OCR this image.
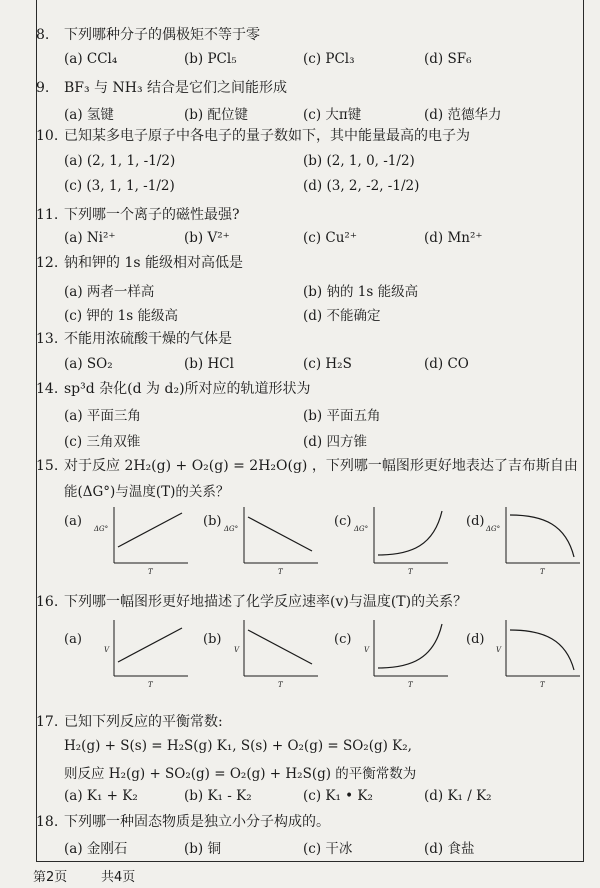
8. 下列哪种分子的偶极矩不等于零
(a) CCl₄	(b) PCl₅	(c) PCl₃	(d) SF₆
9. BF₃ 与 NH₃ 结合是它们之间能形成
(a) 氢键	(b) 配位键	(c) 大π键	(d) 范德华力
10. 已知某多电子原子中各电子的量子数如下，其中能量最高的电子为
(a) (2, 1, 1, -1/2)	(b) (2, 1, 0, -1/2)
(c) (3, 1, 1, -1/2)	(d) (3, 2, -2, -1/2)
11. 下列哪一个离子的磁性最强?
(a) Ni²⁺	(b) V²⁺	(c) Cu²⁺	(d) Mn²⁺
12. 钠和钾的 1s 能级相对高低是
(a) 两者一样高	(b) 钠的 1s 能级高
(c) 钾的 1s 能级高	(d) 不能确定
13. 不能用浓硫酸干燥的气体是
(a) SO₂	(b) HCl	(c) H₂S	(d) CO
14. sp³d 杂化(d 为 d₂)所对应的轨道形状为
(a) 平面三角	(b) 平面五角
(c) 三角双锥	(d) 四方锥
15. 对于反应 2H₂(g) + O₂(g) = 2H₂O(g) ，下列哪一幅图形更好地表达了吉布斯自由
能(ΔG°)与温度(T)的关系？
(a) ΔG°
T
(b) ΔG°
T
(c) ΔG°
T
(d) ΔG°
T
16. 下列哪一幅图形更好地描述了化学反应速率(v)与温度(T)的关系？
(a)
V
T
(b)
V
T
(c)
V
T
(d)
V
T
17. 已知下列反应的平衡常数:
H₂(g) + S(s) = H₂S(g) K₁, S(s) + O₂(g) = SO₂(g) K₂,
则反应 H₂(g) + SO₂(g) = O₂(g) + H₂S(g) 的平衡常数为
(a) K₁ + K₂	(b) K₁ - K₂	(c) K₁ • K₂	(d) K₁ / K₂
18. 下列哪一种固态物质是独立小分子构成的。
(a) 金刚石	(b) 铜	(c) 干冰	(d) 食盐
第2页	共4页
